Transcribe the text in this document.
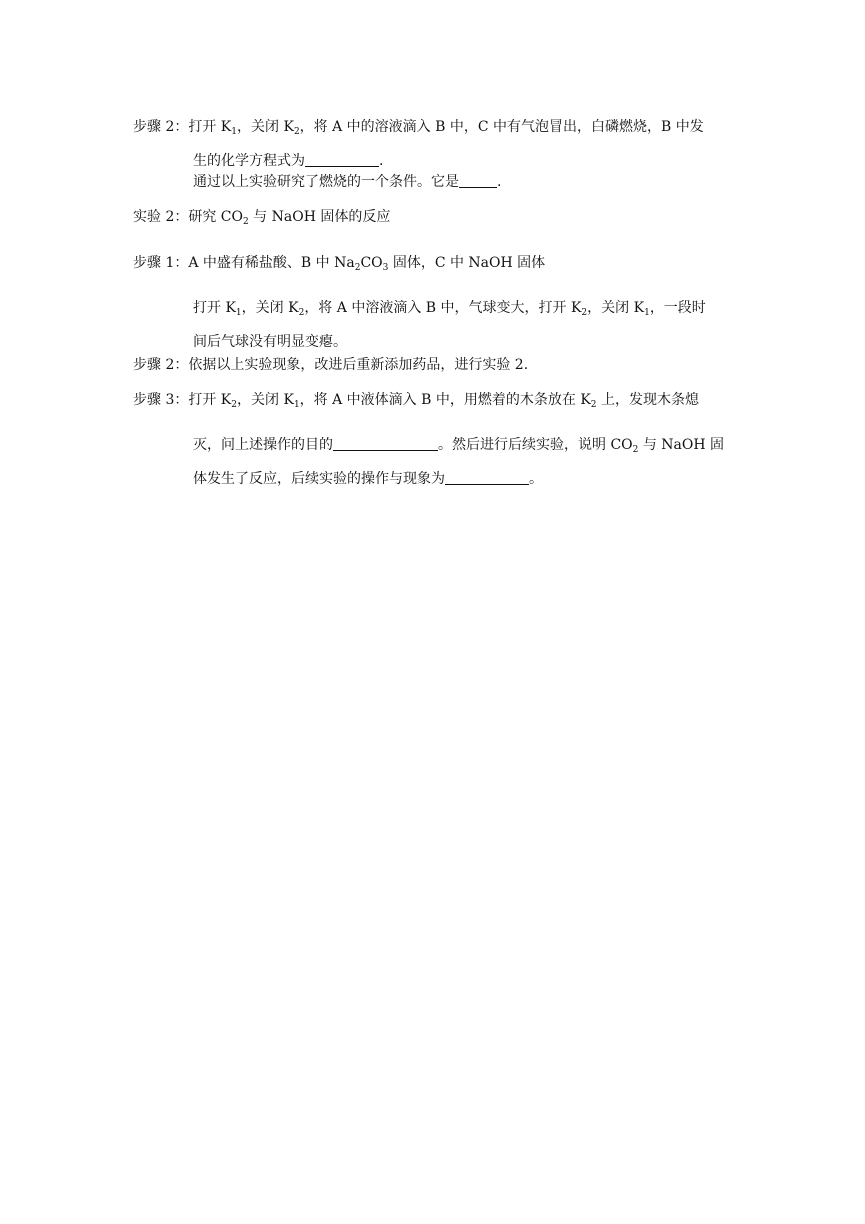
步骤 2：打开 $K_1$，关闭 $K_2$，将 A 中的溶液滴入 B 中，C 中有气泡冒出，白磷燃烧，B 中发
生的化学方程式为	.
通过以上实验研究了燃烧的一个条件。它是	.
实验 2：研究 $CO_2$ 与 NaOH 固体的反应
步骤 1：A 中盛有稀盐酸、B 中 $Na_2CO_3$ 固体，C 中 NaOH 固体
打开 $K_1$，关闭 $K_2$，将 A 中溶液滴入 B 中，气球变大，打开 $K_2$，关闭 $K_1$，一段时
间后气球没有明显变瘪。
步骤 2：依据以上实验现象，改进后重新添加药品，进行实验 2.
步骤 3：打开 $K_2$，关闭 $K_1$，将 A 中液体滴入 B 中，用燃着的木条放在 $K_2$ 上，发现木条熄
灭，问上述操作的目的	。然后进行后续实验，说明 $CO_2$ 与 NaOH 固
体发生了反应，后续实验的操作与现象为	。
